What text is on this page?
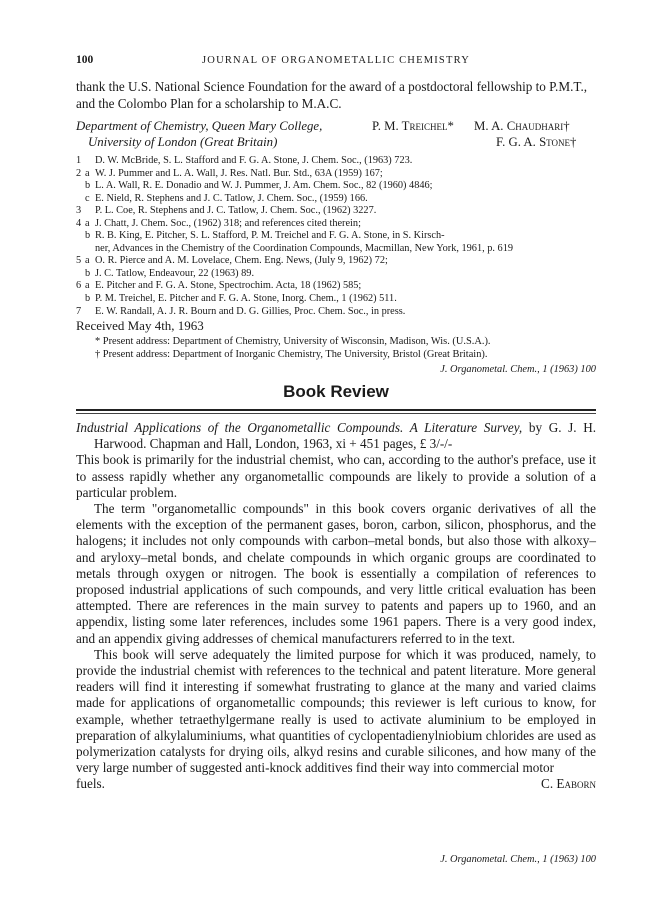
100	JOURNAL OF ORGANOMETALLIC CHEMISTRY
thank the U.S. National Science Foundation for the award of a postdoctoral fellowship to P.M.T., and the Colombo Plan for a scholarship to M.A.C.
Department of Chemistry, Queen Mary College,	P. M. Treichel* M. A. Chaudhari†
University of London (Great Britain)	F. G. A. Stone†
1 D. W. McBride, S. L. Stafford and F. G. A. Stone, J. Chem. Soc., (1963) 723.
2 a W. J. Pummer and L. A. Wall, J. Res. Natl. Bur. Std., 63A (1959) 167;
b L. A. Wall, R. E. Donadio and W. J. Pummer, J. Am. Chem. Soc., 82 (1960) 4846;
c E. Nield, R. Stephens and J. C. Tatlow, J. Chem. Soc., (1959) 166.
3 P. L. Coe, R. Stephens and J. C. Tatlow, J. Chem. Soc., (1962) 3227.
4 a J. Chatt, J. Chem. Soc., (1962) 318; and references cited therein;
b R. B. King, E. Pitcher, S. L. Stafford, P. M. Treichel and F. G. A. Stone, in S. Kirsch-
ner, Advances in the Chemistry of the Coordination Compounds, Macmillan, New York, 1961, p. 619
5 a O. R. Pierce and A. M. Lovelace, Chem. Eng. News, (July 9, 1962) 72;
b J. C. Tatlow, Endeavour, 22 (1963) 89.
6 a E. Pitcher and F. G. A. Stone, Spectrochim. Acta, 18 (1962) 585;
b P. M. Treichel, E. Pitcher and F. G. A. Stone, Inorg. Chem., 1 (1962) 511.
7 E. W. Randall, A. J. R. Bourn and D. G. Gillies, Proc. Chem. Soc., in press.
Received May 4th, 1963
* Present address: Department of Chemistry, University of Wisconsin, Madison, Wis. (U.S.A.).
† Present address: Department of Inorganic Chemistry, The University, Bristol (Great Britain).
J. Organometal. Chem., 1 (1963) 100
Book Review

Industrial Applications of the Organometallic Compounds. A Literature Survey, by G. J. H. Harwood. Chapman and Hall, London, 1963, xi + 451 pages, £ 3/-/-

This book is primarily for the industrial chemist, who can, according to the author's preface, use it to assess rapidly whether any organometallic compounds are likely to provide a solution of a particular problem.

The term "organometallic compounds" in this book covers organic derivatives of all the elements with the exception of the permanent gases, boron, carbon, silicon, phosphorus, and the halogens; it includes not only compounds with carbon–metal bonds, but also those with alkoxy– and aryloxy–metal bonds, and chelate compounds in which organic groups are coordinated to metals through oxygen or nitrogen. The book is essentially a compilation of references to proposed industrial applications of such compounds, and very little critical evaluation has been attempted. There are references in the main survey to patents and papers up to 1960, and an appendix, listing some later references, includes some 1961 papers. There is a very good index, and an appendix giving addresses of chemical manufacturers referred to in the text.

This book will serve adequately the limited purpose for which it was produced, namely, to provide the industrial chemist with references to the technical and patent literature. More general readers will find it interesting if somewhat frustrating to glance at the many and varied claims made for applications of organometallic compounds; this reviewer is left curious to know, for example, whether tetraethylgermane really is used to activate aluminium to be employed in preparation of alkylaluminiums, what quantities of cyclopentadienylniobium chlorides are used as polymerization catalysts for drying oils, alkyd resins and curable silicones, and how many of the very large number of suggested anti-knock additives find their way into commercial motor

fuels.	C. Eaborn
J. Organometal. Chem., 1 (1963) 100
